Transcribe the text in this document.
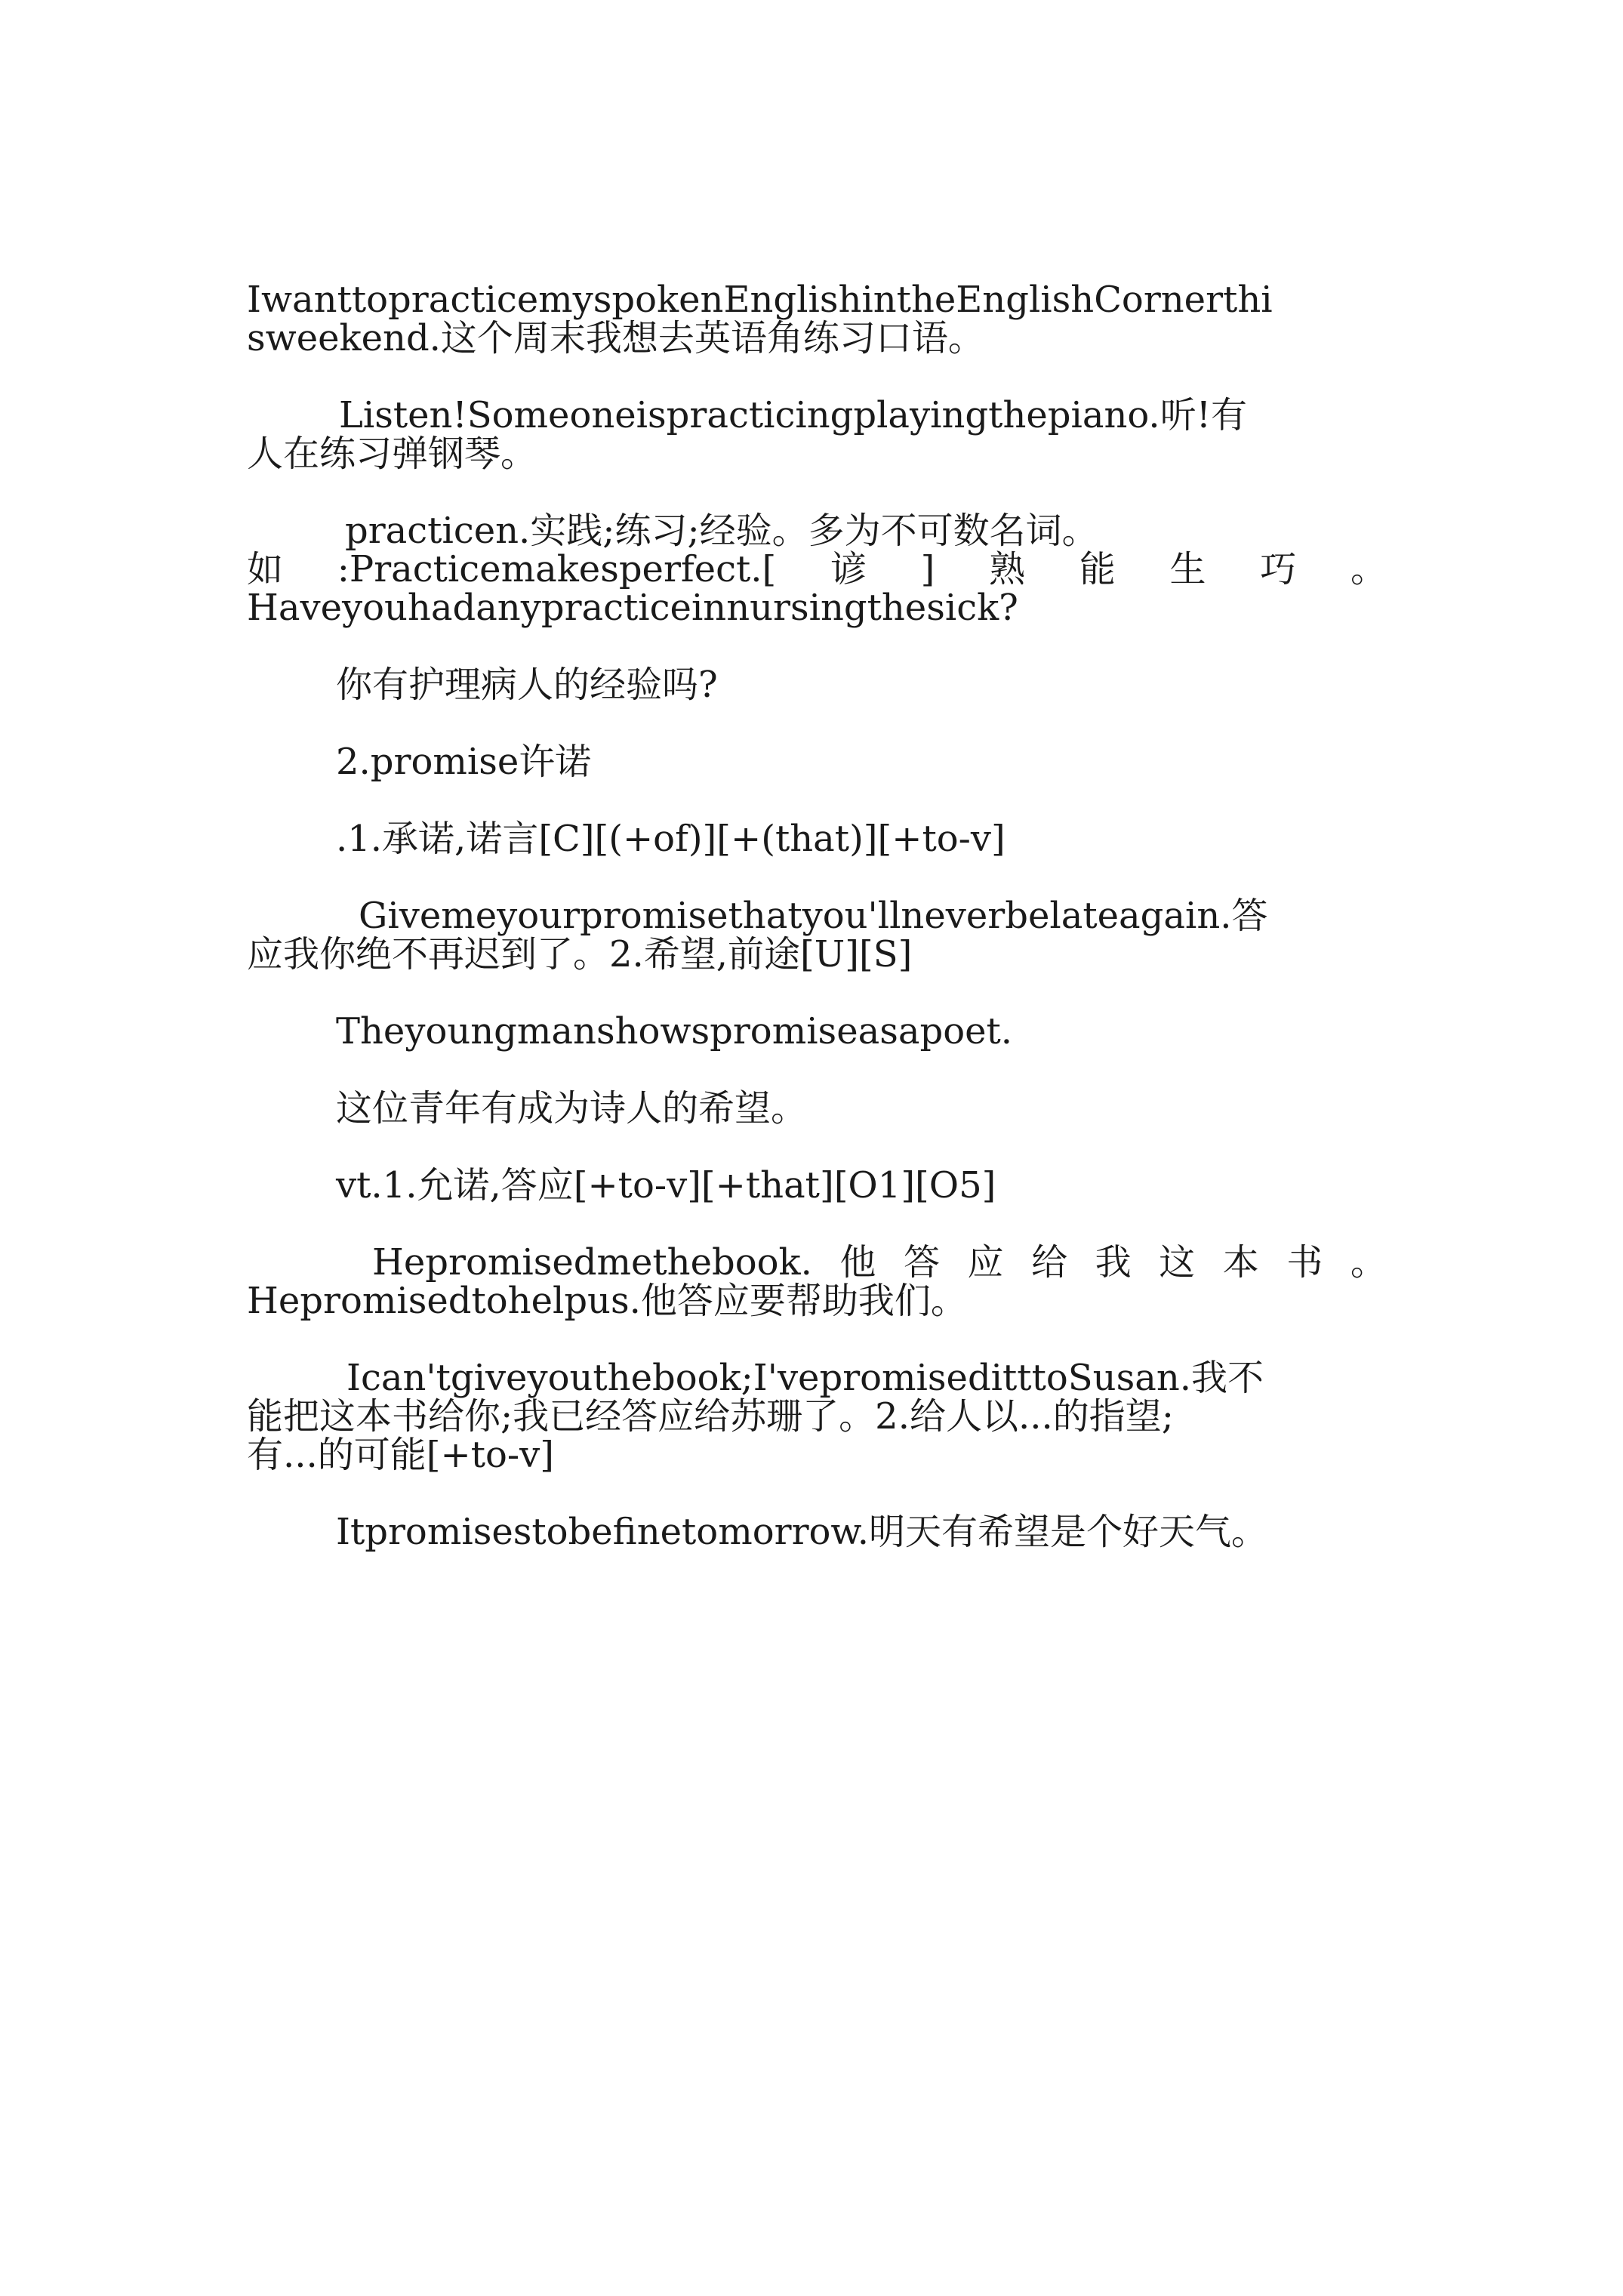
IwanttopracticemyspokenEnglishintheEnglishCornerthi
sweekend.这个周末我想去英语角练习口语。
Listen!Someoneispracticingplayingthepiano.听!有
人在练习弹钢琴。
practicen.实践;练习;经验。多为不可数名词。
如 :Practicemakesperfect.[ 谚 ] 熟 能 生 巧 。
Haveyouhadanypracticeinnursingthesick?
你有护理病人的经验吗?
2.promise许诺
.1.承诺,诺言[C][(+of)][+(that)][+to-v]
Givemeyourpromisethatyou'llneverbelateagain.答
应我你绝不再迟到了。2.希望,前途[U][S]
Theyoungmanshowspromiseasapoet.
这位青年有成为诗人的希望。
vt.1.允诺,答应[+to-v][+that][O1][O5]
Hepromisedmethebook. 他 答 应 给 我 这 本 书 。
Hepromisedtohelpus.他答应要帮助我们。
Ican'tgiveyouthebook;I'vepromiseditttoSusan.我不
能把这本书给你;我已经答应给苏珊了。2.给人以...的指望;
有...的可能[+to-v]
Itpromisestobefinetomorrow.明天有希望是个好天气。
